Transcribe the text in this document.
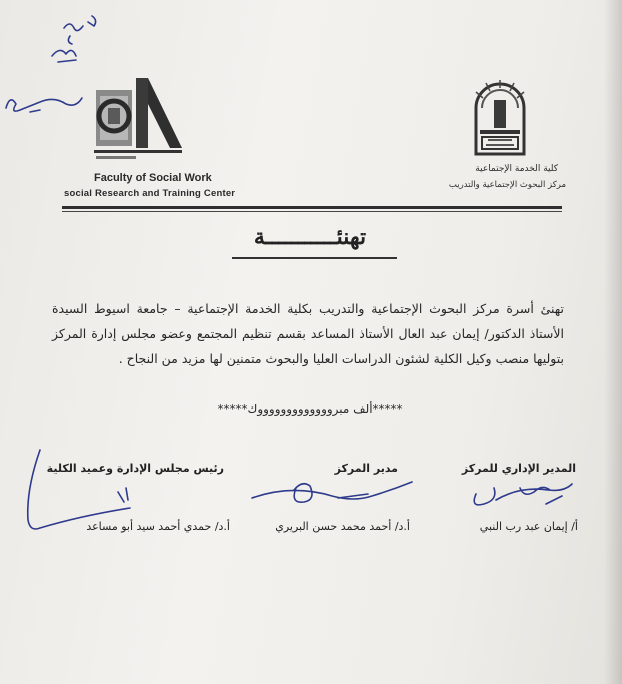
Faculty of Social Work
social Research and Training Center
كلية الخدمة الإجتماعية
مركز البحوث الإجتماعية والتدريب
تهنئـــــــــــة
تهنئ أسرة مركز البحوث الإجتماعية والتدريب بكلية الخدمة الإجتماعية – جامعة اسيوط السيدة الأستاذ الدكتور/ إيمان عبد العال الأستاذ المساعد بقسم تنظيم المجتمع وعضو مجلس إدارة المركز بتوليها منصب وكيل الكلية لشئون الدراسات العليا والبحوث متمنين لها مزيد من النجاح .
*****ألف مبروووووووووووووك*****
المدير الإداري للمركز
مدير المركز
رئيس مجلس الإدارة وعميد الكلية
أ/ إيمان عبد رب النبي
أ.د/ أحمد محمد حسن البريري
أ.د/ حمدي أحمد سيد أبو مساعد
